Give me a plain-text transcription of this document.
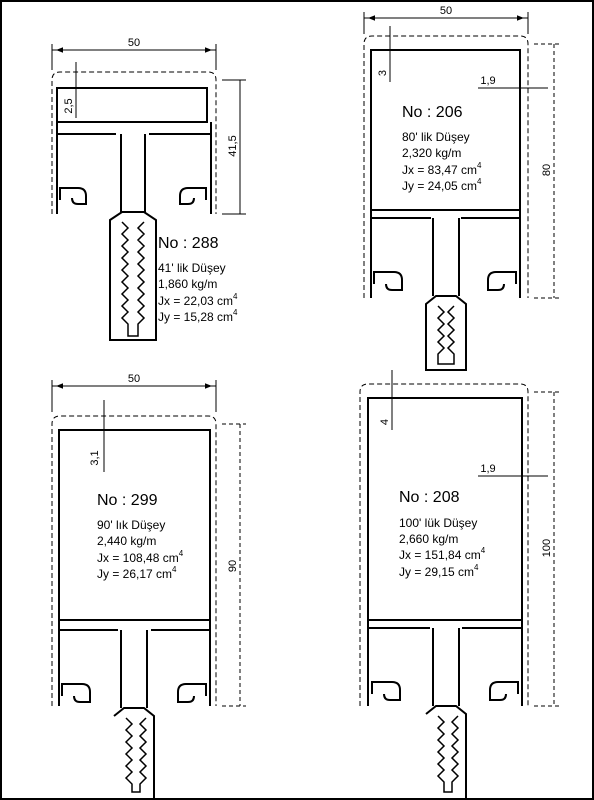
50
41,5
2,5
No : 288
41' lik Düşey
1,860 kg/m
Jx = 22,03 $cm^4$
Jy = 15,28 $cm^4$
50
80
3
1,9
No : 206
80' lik Düşey
2,320 kg/m
Jx = 83,47 $cm^4$
Jy = 24,05 $cm^4$
50
90
3,1
No : 299
90' lık Düşey
2,440 kg/m
Jx = 108,48 $cm^4$
Jy = 26,17 $cm^4$
100
4
1,9
No : 208
100' lük Düşey
2,660 kg/m
Jx = 151,84 $cm^4$
Jy = 29,15 $cm^4$
